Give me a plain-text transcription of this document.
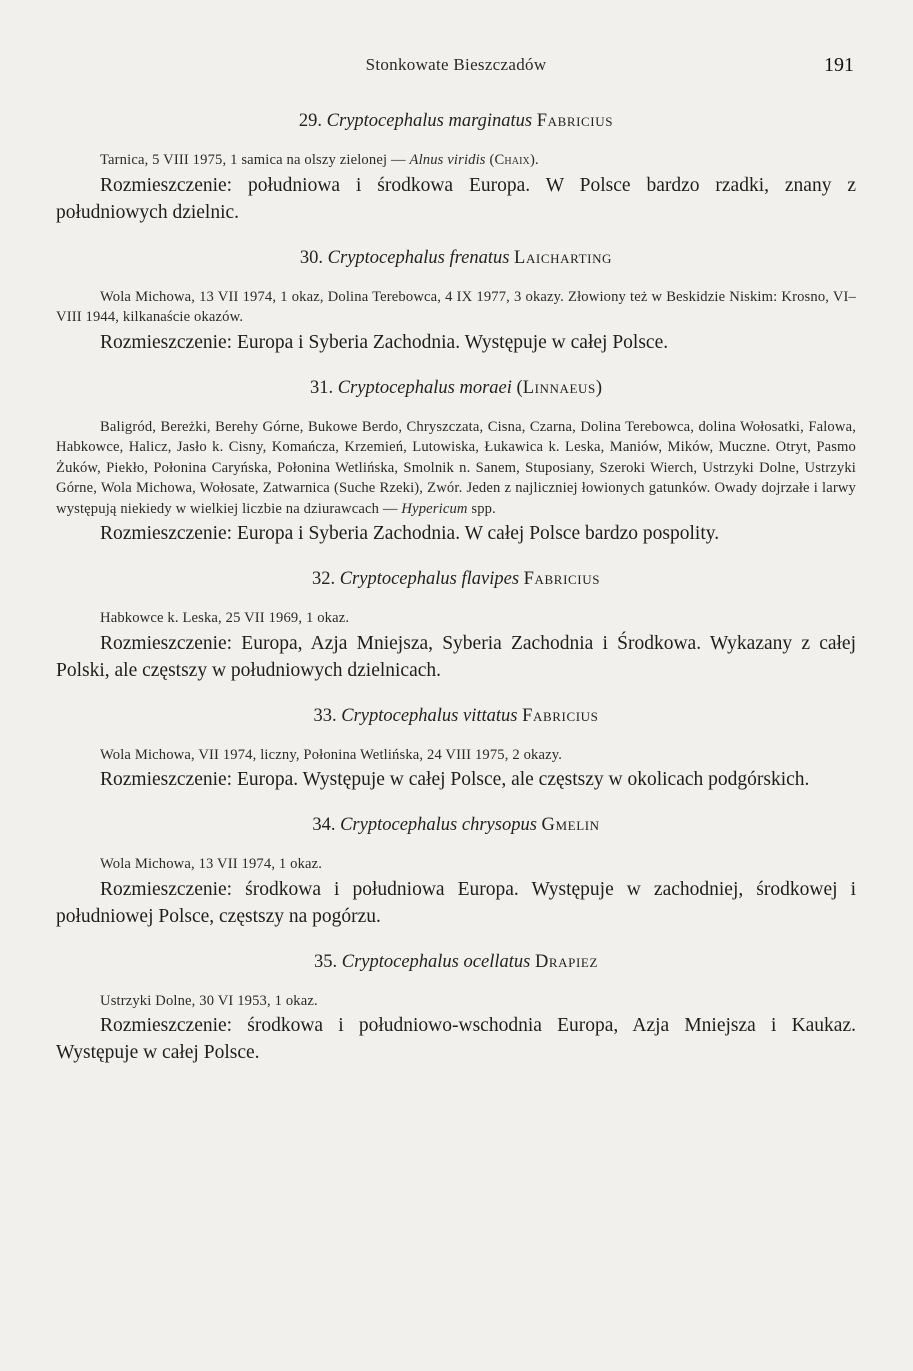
Stonkowate Bieszczadów	191
29. Cryptocephalus marginatus Fabricius

Tarnica, 5 VIII 1975, 1 samica na olszy zielonej — Alnus viridis (Chaix).

Rozmieszczenie: południowa i środkowa Europa. W Polsce bardzo rzadki, znany z południowych dzielnic.

30. Cryptocephalus frenatus Laicharting

Wola Michowa, 13 VII 1974, 1 okaz, Dolina Terebowca, 4 IX 1977, 3 okazy. Złowiony też w Beskidzie Niskim: Krosno, VI–VIII 1944, kilkanaście okazów.

Rozmieszczenie: Europa i Syberia Zachodnia. Występuje w całej Polsce.

31. Cryptocephalus moraei (Linnaeus)

Baligród, Bereżki, Berehy Górne, Bukowe Berdo, Chryszczata, Cisna, Czarna, Dolina Terebowca, dolina Wołosatki, Falowa, Habkowce, Halicz, Jasło k. Cisny, Komańcza, Krzemień, Lutowiska, Łukawica k. Leska, Maniów, Mików, Muczne. Otryt, Pasmo Żuków, Piekło, Połonina Caryńska, Połonina Wetlińska, Smolnik n. Sanem, Stuposiany, Szeroki Wierch, Ustrzyki Dolne, Ustrzyki Górne, Wola Michowa, Wołosate, Zatwarnica (Suche Rzeki), Zwór. Jeden z najliczniej łowionych gatunków. Owady dojrzałe i larwy występują niekiedy w wielkiej liczbie na dziurawcach — Hypericum spp.

Rozmieszczenie: Europa i Syberia Zachodnia. W całej Polsce bardzo pospolity.

32. Cryptocephalus flavipes Fabricius

Habkowce k. Leska, 25 VII 1969, 1 okaz.

Rozmieszczenie: Europa, Azja Mniejsza, Syberia Zachodnia i Środkowa. Wykazany z całej Polski, ale częstszy w południowych dzielnicach.

33. Cryptocephalus vittatus Fabricius

Wola Michowa, VII 1974, liczny, Połonina Wetlińska, 24 VIII 1975, 2 okazy.

Rozmieszczenie: Europa. Występuje w całej Polsce, ale częstszy w okolicach podgórskich.

34. Cryptocephalus chrysopus Gmelin

Wola Michowa, 13 VII 1974, 1 okaz.

Rozmieszczenie: środkowa i południowa Europa. Występuje w zachodniej, środkowej i południowej Polsce, częstszy na pogórzu.

35. Cryptocephalus ocellatus Drapiez

Ustrzyki Dolne, 30 VI 1953, 1 okaz.

Rozmieszczenie: środkowa i południowo-wschodnia Europa, Azja Mniejsza i Kaukaz. Występuje w całej Polsce.
